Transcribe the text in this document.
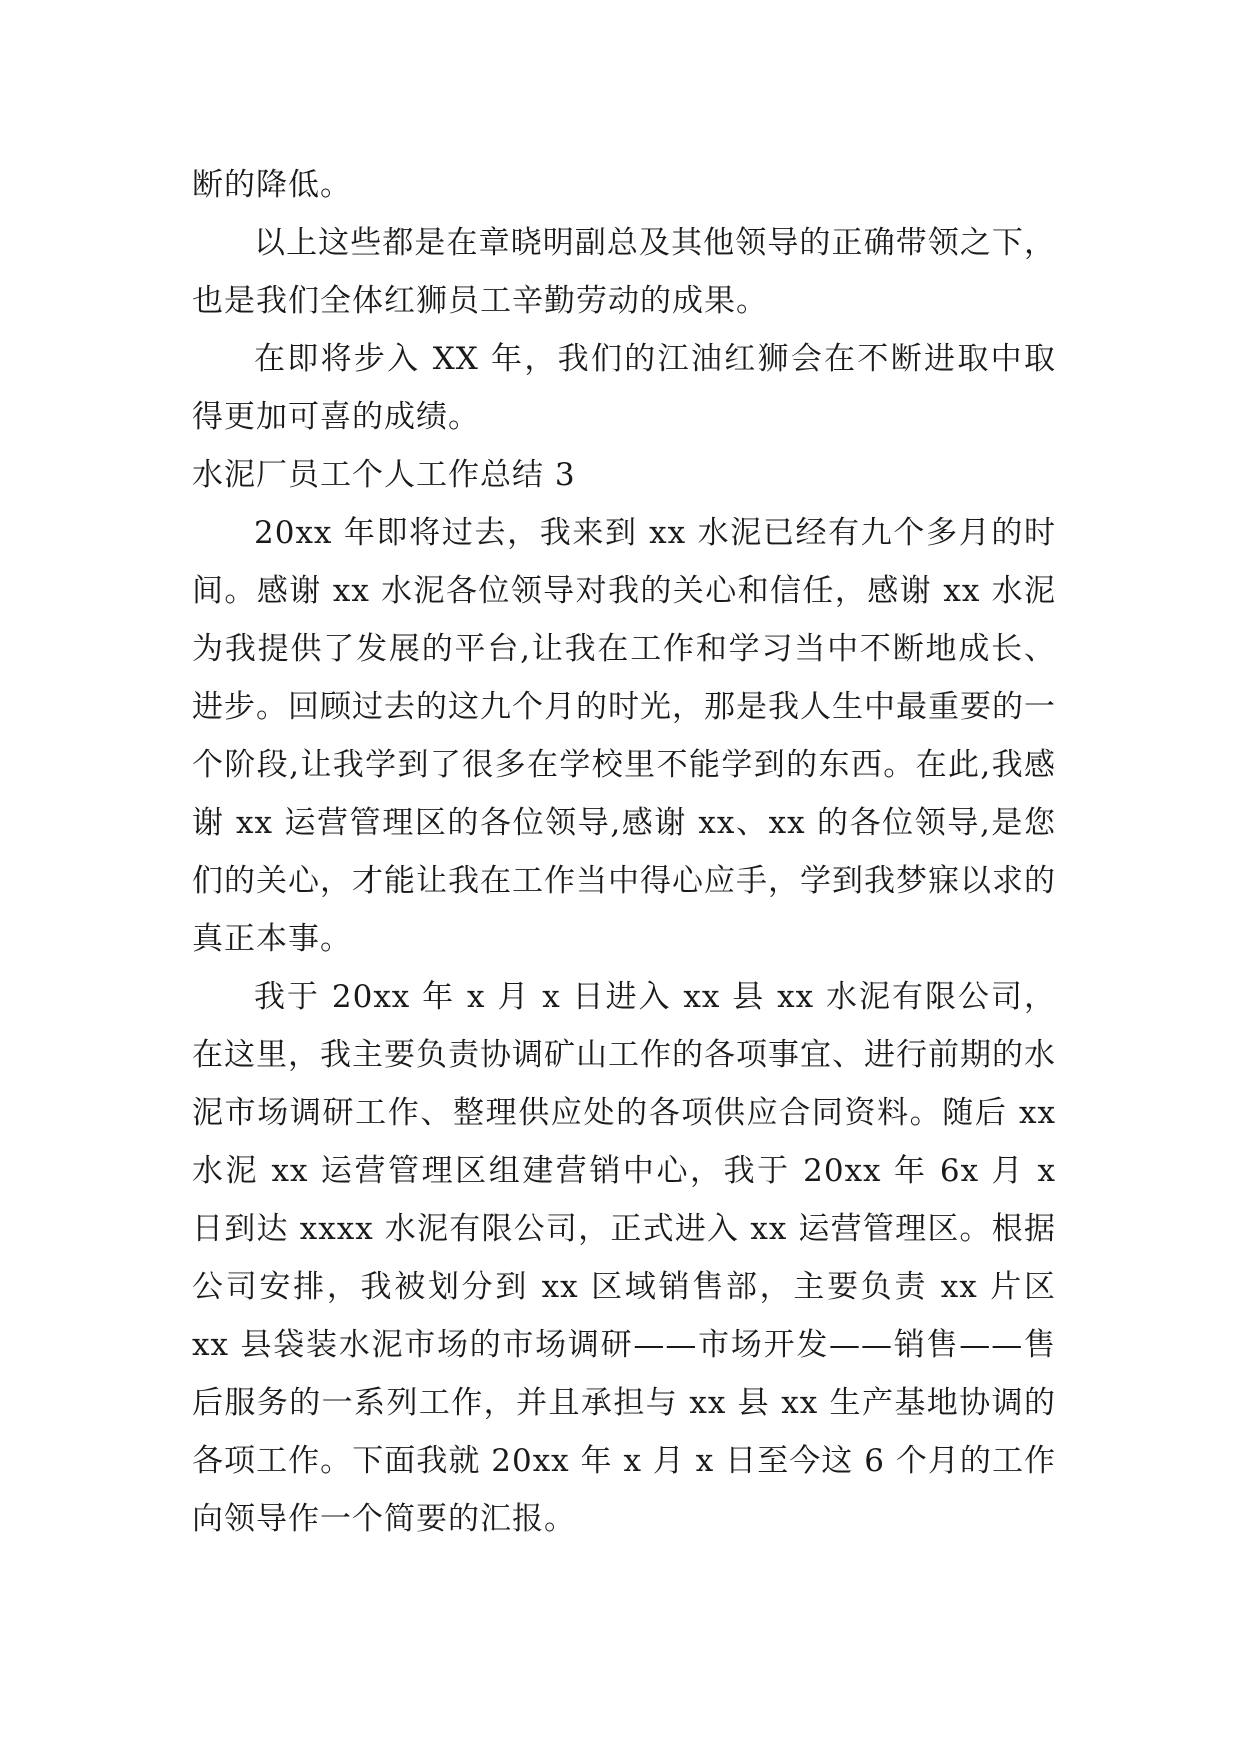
断的降低。

以上这些都是在章晓明副总及其他领导的正确带领之下，也是我们全体红狮员工辛勤劳动的成果。

在即将步入 XX 年，我们的江油红狮会在不断进取中取得更加可喜的成绩。

水泥厂员工个人工作总结 3

20xx 年即将过去，我来到 xx 水泥已经有九个多月的时间。感谢 xx 水泥各位领导对我的关心和信任，感谢 xx 水泥为我提供了发展的平台,让我在工作和学习当中不断地成长、进步。回顾过去的这九个月的时光，那是我人生中最重要的一个阶段,让我学到了很多在学校里不能学到的东西。在此,我感谢 xx 运营管理区的各位领导,感谢 xx、xx 的各位领导,是您们的关心，才能让我在工作当中得心应手，学到我梦寐以求的真正本事。

我于 20xx 年 x 月 x 日进入 xx 县 xx 水泥有限公司，在这里，我主要负责协调矿山工作的各项事宜、进行前期的水泥市场调研工作、整理供应处的各项供应合同资料。随后 xx 水泥 xx 运营管理区组建营销中心，我于 20xx 年 6x 月 x 日到达 xxxx 水泥有限公司，正式进入 xx 运营管理区。根据公司安排，我被划分到 xx 区域销售部，主要负责 xx 片区 xx 县袋装水泥市场的市场调研——市场开发——销售——售后服务的一系列工作，并且承担与 xx 县 xx 生产基地协调的各项工作。下面我就 20xx 年 x 月 x 日至今这 6 个月的工作向领导作一个简要的汇报。
